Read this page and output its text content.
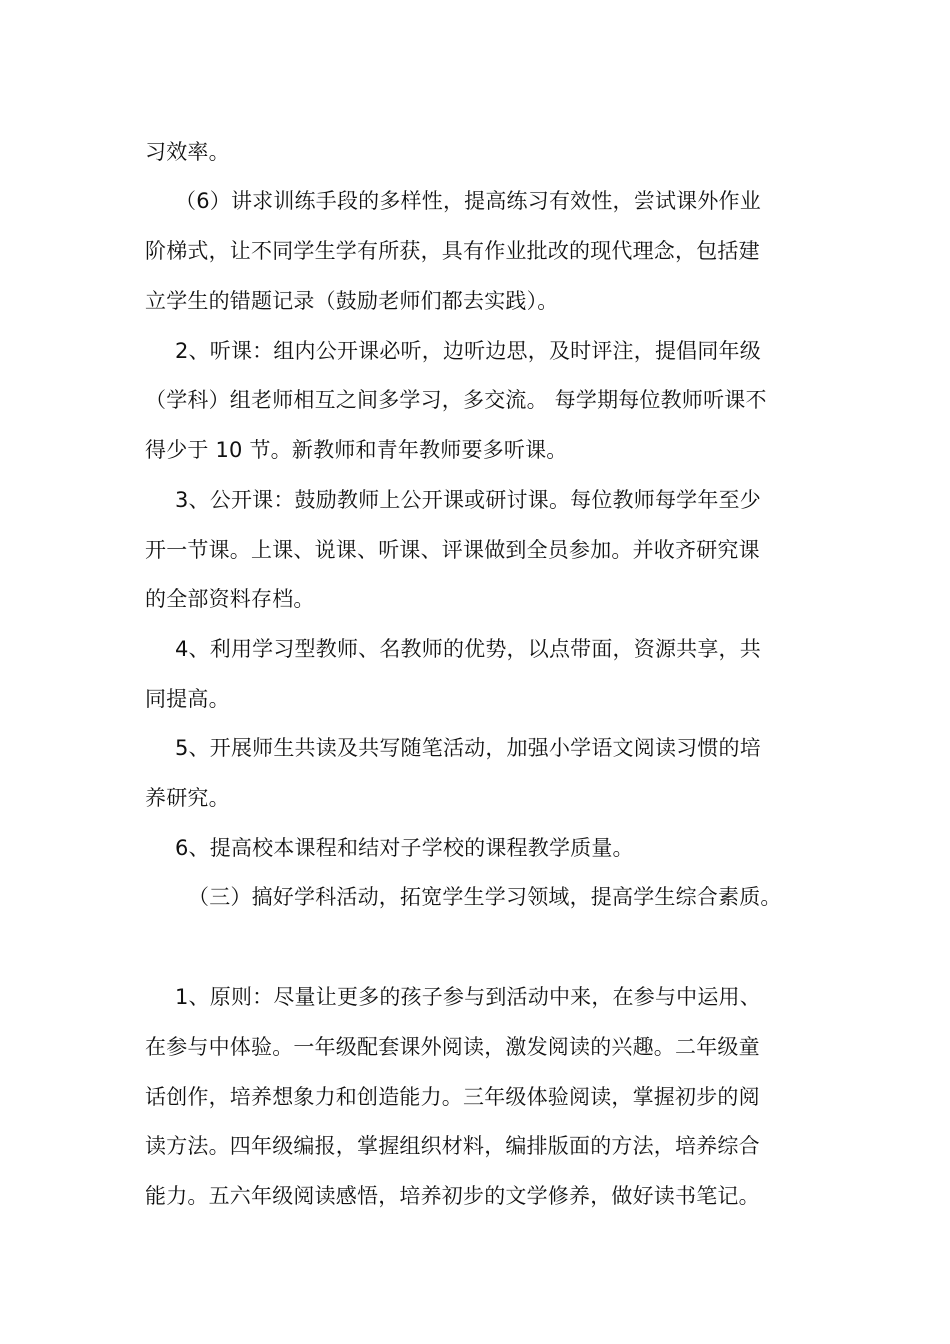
习效率。
（6）讲求训练手段的多样性，提高练习有效性，尝试课外作业
阶梯式，让不同学生学有所获，具有作业批改的现代理念，包括建
立学生的错题记录（鼓励老师们都去实践）。
2、听课：组内公开课必听，边听边思，及时评注，提倡同年级
（学科）组老师相互之间多学习，多交流。 每学期每位教师听课不
得少于 10 节。新教师和青年教师要多听课。
3、公开课：鼓励教师上公开课或研讨课。每位教师每学年至少
开一节课。上课、说课、听课、评课做到全员参加。并收齐研究课
的全部资料存档。
4、利用学习型教师、名教师的优势，以点带面，资源共享，共
同提高。
5、开展师生共读及共写随笔活动，加强小学语文阅读习惯的培
养研究。
6、提高校本课程和结对子学校的课程教学质量。
（三）搞好学科活动，拓宽学生学习领域，提高学生综合素质。
1、原则：尽量让更多的孩子参与到活动中来，在参与中运用、
在参与中体验。一年级配套课外阅读，激发阅读的兴趣。二年级童
话创作，培养想象力和创造能力。三年级体验阅读，掌握初步的阅
读方法。四年级编报，掌握组织材料，编排版面的方法，培养综合
能力。五六年级阅读感悟，培养初步的文学修养，做好读书笔记。
